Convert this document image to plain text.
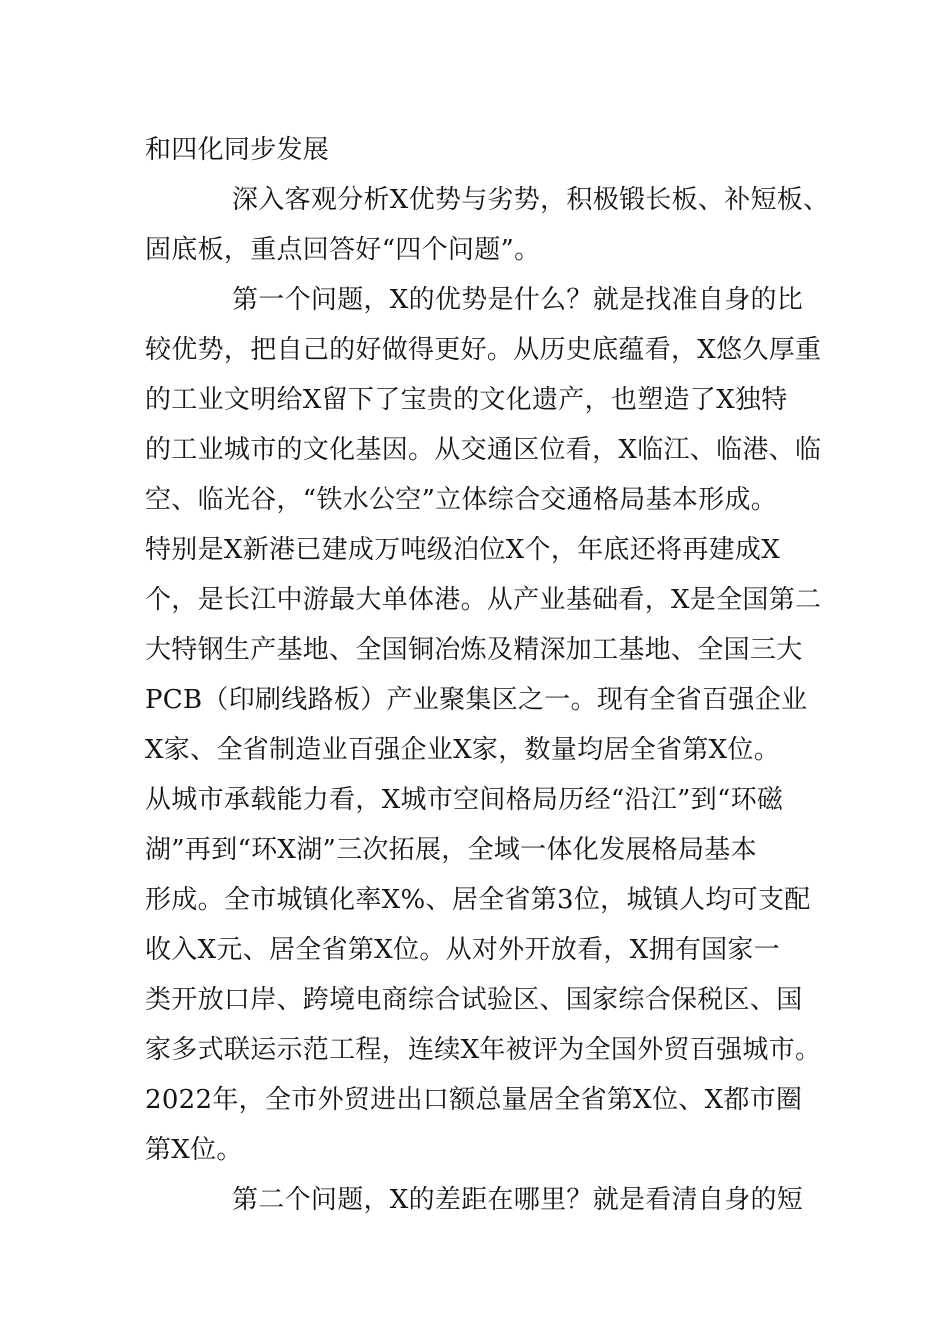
和四化同步发展
深入客观分析X优势与劣势，积极锻长板、补短板、
固底板，重点回答好“四个问题”。
第一个问题，X的优势是什么？就是找准自身的比
较优势，把自己的好做得更好。从历史底蕴看，X悠久厚重
的工业文明给X留下了宝贵的文化遗产，也塑造了X独特
的工业城市的文化基因。从交通区位看，X临江、临港、临
空、临光谷，“铁水公空”立体综合交通格局基本形成。
特别是X新港已建成万吨级泊位X个，年底还将再建成X
个，是长江中游最大单体港。从产业基础看，X是全国第二
大特钢生产基地、全国铜冶炼及精深加工基地、全国三大
PCB（印刷线路板）产业聚集区之一。现有全省百强企业
X家、全省制造业百强企业X家，数量均居全省第X位。
从城市承载能力看，X城市空间格局历经“沿江”到“环磁
湖”再到“环X湖”三次拓展，全域一体化发展格局基本
形成。全市城镇化率X%、居全省第3位，城镇人均可支配
收入X元、居全省第X位。从对外开放看，X拥有国家一
类开放口岸、跨境电商综合试验区、国家综合保税区、国
家多式联运示范工程，连续X年被评为全国外贸百强城市。
2022年，全市外贸进出口额总量居全省第X位、X都市圈
第X位。
第二个问题，X的差距在哪里？就是看清自身的短
